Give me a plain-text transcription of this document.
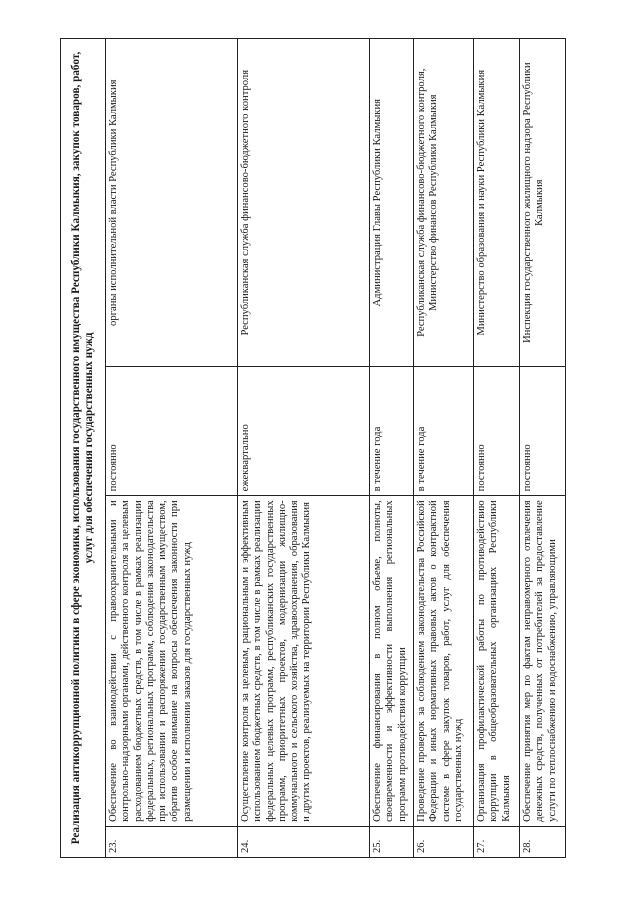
Реализация антикоррупционной политики в сфере экономики, использования государственного имущества Республики Калмыкия, закупок товаров, работ, услуг для обеспечения государственных нужд			
23.	Обеспечение во взаимодействии с правоохранительными и контрольно-надзорными органами, действенного контроля за целевым расходованием бюджетных средств, в том числе в рамках реализации федеральных, региональных программ, соблюдения законодательства при использовании и распоряжении государственным имуществом, обратив особое внимание на вопросы обеспечения законности при размещении и исполнении заказов для государственных нужд	постоянно	органы исполнительной власти Республики Калмыкия
24.	Осуществление контроля за целевым, рациональным и эффективным использованием бюджетных средств, в том числе в рамках реализации федеральных целевых программ, республиканских государственных программ, приоритетных проектов, модернизации жилищно-коммунального и сельского хозяйства, здравоохранения, образования и других проектов, реализуемых на территории Республики Калмыкия	ежеквартально	Республиканская служба финансово-бюджетного контроля
25.	Обеспечение финансирования в полном объеме, полноты, своевременности и эффективности выполнения региональных программ противодействия коррупции	в течение года	Администрация Главы Республики Калмыкия
26.	Проведение проверок за соблюдением законодательства Российской Федерации и иных нормативных правовых актов о контрактной системе в сфере закупок товаров, работ, услуг для обеспечения государственных нужд	в течение года	Республиканская служба финансово-бюджетного контроля, Министерство финансов Республики Калмыкия
27.	Организация профилактической работы по противодействию коррупции в общеобразовательных организациях Республики Калмыкия	постоянно	Министерство образования и науки Республики Калмыкия
28.	Обеспечение принятия мер по фактам неправомерного отвлечения денежных средств, полученных от потребителей за предоставление услуги по теплоснабжению и водоснабжению, управляющими	постоянно	Инспекция государственного жилищного надзора Республики Калмыкия
